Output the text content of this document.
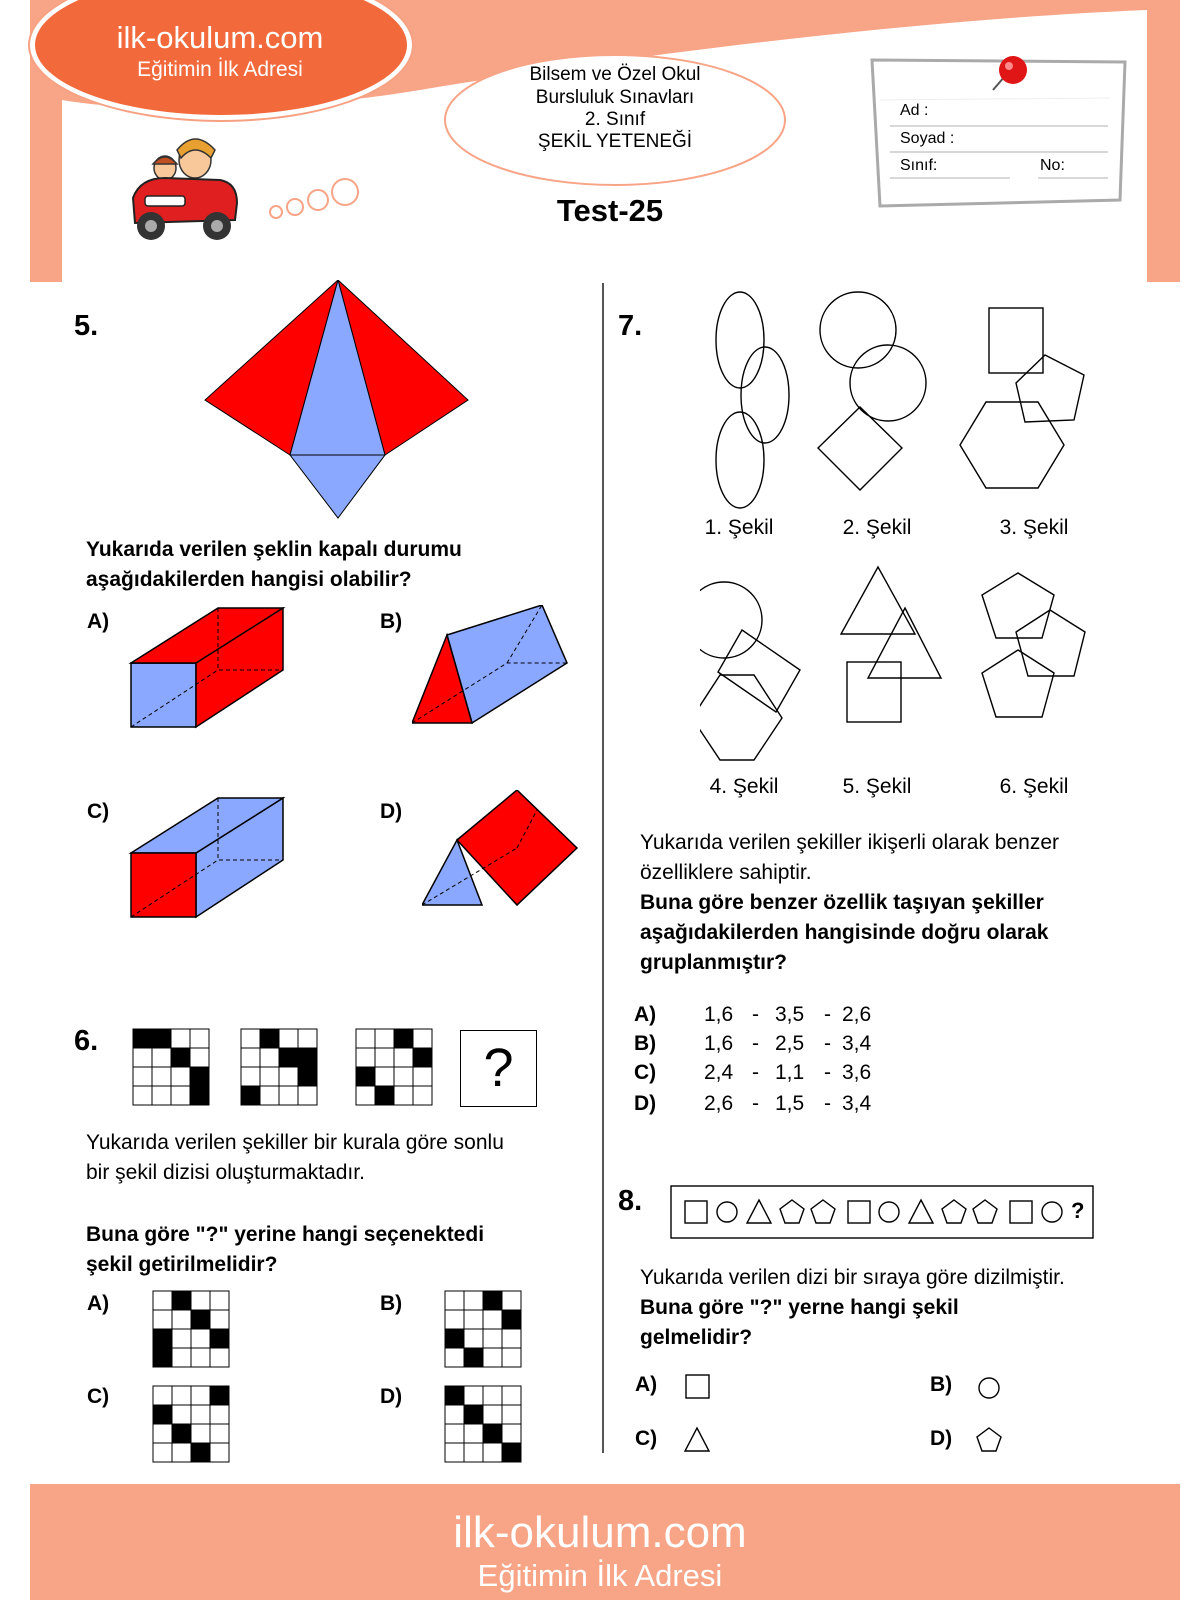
ilk-okulum.com
Eğitimin İlk Adresi	Bilsem ve Özel Okul
Bursluluk Sınavları
2. Sınıf
ŞEKİL YETENEĞİ
Test-25
Ad :
Soyad :
Sınıf:	No:
5.
Yukarıda verilen şeklin kapalı durumu
aşağıdakilerden hangisi olabilir?
A)	B)
C)	D)
6.	?
Yukarıda verilen şekiller bir kurala göre sonlu
bir şekil dizisi oluşturmaktadır.
Buna göre "?" yerine hangi seçenektedi
şekil getirilmelidir?
A)	B)
C)	D)
7.
1. Şekil	2. Şekil	3. Şekil
4. Şekil	5. Şekil	6. Şekil
Yukarıda verilen şekiller ikişerli olarak benzer
özelliklere sahiptir.
Buna göre benzer özellik taşıyan şekiller
aşağıdakilerden hangisinde doğru olarak
gruplanmıştır?
A) 1,6 - 3,5 - 2,6
B) 1,6 - 2,5 - 3,4
C) 2,4 - 1,1 - 3,6
D) 2,6 - 1,5 - 3,4
8.	?
Yukarıda verilen dizi bir sıraya göre dizilmiştir.
Buna göre "?" yerne hangi şekil
gelmelidir?
A)	B)
C)	D)
ilk-okulum.com
Eğitimin İlk Adresi
